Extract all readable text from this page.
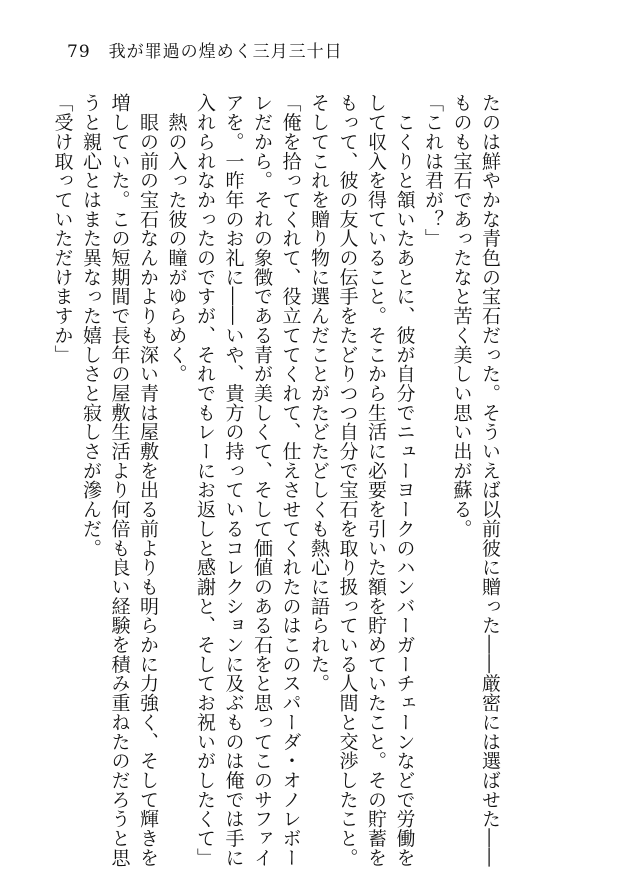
79 我が罪過の煌めく三月三十日
たのは鮮やかな青色の宝石だった。そういえば以前彼に贈った――厳密には選ばせた――
ものも宝石であったなと苦く美しい思い出が蘇る。
「これは君が？」
　こくりと頷いたあとに、彼が自分でニューヨークのハンバーガーチェーンなどで労働を
して収入を得ていること。そこから生活に必要を引いた額を貯めていたこと。その貯蓄を
もって、彼の友人の伝手をたどりつつ自分で宝石を取り扱っている人間と交渉したこと。
そしてこれを贈り物に選んだことがたどたどしくも熱心に語られた。
「俺を拾ってくれて、役立ててくれて、仕えさせてくれたのはこのスパーダ・オノレボー
レだから。それの象徴である青が美しくて、そして価値のある石をと思ってこのサファイ
アを。一昨年のお礼に――いや、貴方の持っているコレクションに及ぶものは俺では手に
入れられなかったのですが、それでもレーにお返しと感謝と、そしてお祝いがしたくて」
　熱の入った彼の瞳がゆらめく。
　眼の前の宝石なんかよりも深い青は屋敷を出る前よりも明らかに力強く、そして輝きを
増していた。この短期間で長年の屋敷生活より何倍も良い経験を積み重ねたのだろうと思
うと親心とはまた異なった嬉しさと寂しさが滲んだ。
「受け取っていただけますか」
